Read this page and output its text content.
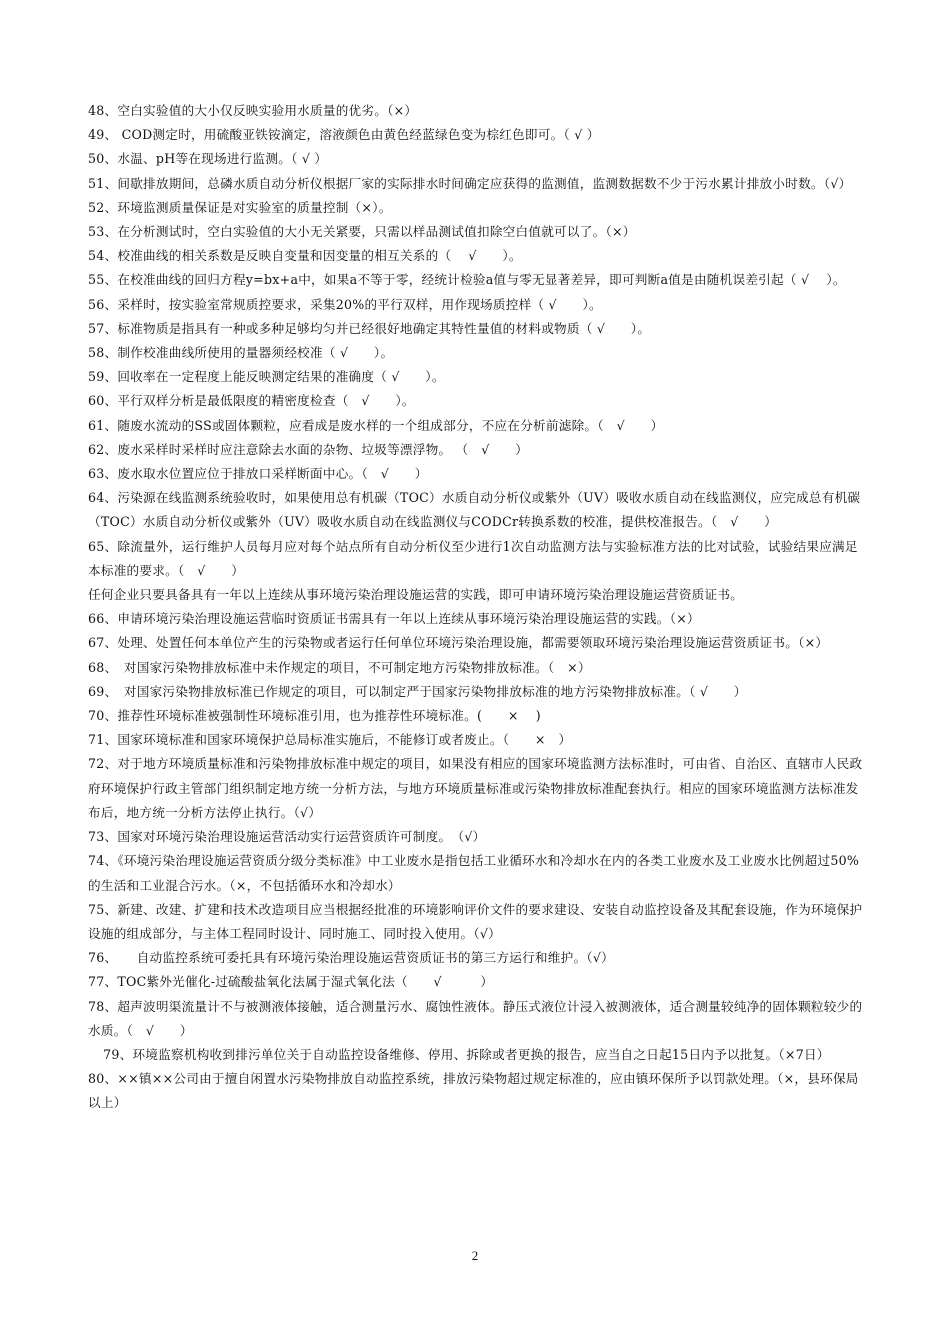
48、空白实验值的大小仅反映实验用水质量的优劣。（×）

49、 COD测定时，用硫酸亚铁铵滴定，溶液颜色由黄色经蓝绿色变为棕红色即可。（ √ ）

50、水温、pH等在现场进行监测。（ √ ）

51、间歇排放期间，总磷水质自动分析仪根据厂家的实际排水时间确定应获得的监测值，监测数据数不少于污水累计排放小时数。（√）

52、环境监测质量保证是对实验室的质量控制（×）。

53、在分析测试时，空白实验值的大小无关紧要，只需以样品测试值扣除空白值就可以了。（×）

54、校准曲线的相关系数是反映自变量和因变量的相互关系的（　 √　　）。

55、在校准曲线的回归方程y=bx+a中，如果a不等于零，经统计检验a值与零无显著差异，即可判断a值是由随机误差引起（ √　 ）。

56、采样时，按实验室常规质控要求，采集20%的平行双样，用作现场质控样（ √　　）。

57、标准物质是指具有一种或多种足够均匀并已经很好地确定其特性量值的材料或物质（ √　　）。

58、制作校准曲线所使用的量器须经校准（ √　　）。

59、回收率在一定程度上能反映测定结果的准确度（ √　　）。

60、平行双样分析是最低限度的精密度检查（　√　　）。

61、随废水流动的SS或固体颗粒，应看成是废水样的一个组成部分，不应在分析前滤除。（　√　　）

62、废水采样时采样时应注意除去水面的杂物、垃圾等漂浮物。 （　√　　）

63、废水取水位置应位于排放口采样断面中心。（　√　　）

64、污染源在线监测系统验收时，如果使用总有机碳（TOC）水质自动分析仪或紫外（UV）吸收水质自动在线监测仪，应完成总有机碳（TOC）水质自动分析仪或紫外（UV）吸收水质自动在线监测仪与CODCr转换系数的校准，提供校准报告。（　√　　）

65、除流量外，运行维护人员每月应对每个站点所有自动分析仪至少进行1次自动监测方法与实验标准方法的比对试验，试验结果应满足本标准的要求。（　√　　）

任何企业只要具备具有一年以上连续从事环境污染治理设施运营的实践，即可申请环境污染治理设施运营资质证书。

66、申请环境污染治理设施运营临时资质证书需具有一年以上连续从事环境污染治理设施运营的实践。（×）

67、处理、处置任何本单位产生的污染物或者运行任何单位环境污染治理设施，都需要领取环境污染治理设施运营资质证书。（×）

68、　对国家污染物排放标准中未作规定的项目，不可制定地方污染物排放标准。（　×）

69、　对国家污染物排放标准已作规定的项目，可以制定严于国家污染物排放标准的地方污染物排放标准。（ √　　）

70、推荐性环境标准被强制性环境标准引用，也为推荐性环境标准。(　　×　 )

71、国家环境标准和国家环境保护总局标准实施后，不能修订或者废止。（　　×　）

72、对于地方环境质量标准和污染物排放标准中规定的项目，如果没有相应的国家环境监测方法标准时，可由省、自治区、直辖市人民政府环境保护行政主管部门组织制定地方统一分析方法，与地方环境质量标准或污染物排放标准配套执行。相应的国家环境监测方法标准发布后，地方统一分析方法停止执行。（√）

73、国家对环境污染治理设施运营活动实行运营资质许可制度。　（√）

74、《环境污染治理设施运营资质分级分类标准》中工业废水是指包括工业循环水和冷却水在内的各类工业废水及工业废水比例超过50%的生活和工业混合污水。（×，不包括循环水和冷却水）

75、新建、改建、扩建和技术改造项目应当根据经批准的环境影响评价文件的要求建设、安装自动监控设备及其配套设施，作为环境保护设施的组成部分，与主体工程同时设计、同时施工、同时投入使用。（√）

76、　　自动监控系统可委托具有环境污染治理设施运营资质证书的第三方运行和维护。（√）

77、TOC紫外光催化-过硫酸盐氧化法属于湿式氧化法（　　√　　　）

78、超声波明渠流量计不与被测液体接触，适合测量污水、腐蚀性液体。静压式液位计浸入被测液体，适合测量较纯净的固体颗粒较少的水质。（　√　　）

79、环境监察机构收到排污单位关于自动监控设备维修、停用、拆除或者更换的报告，应当自之日起15日内予以批复。（×7日）

80、××镇××公司由于擅自闲置水污染物排放自动监控系统，排放污染物超过规定标准的，应由镇环保所予以罚款处理。（×，县环保局以上）

2
